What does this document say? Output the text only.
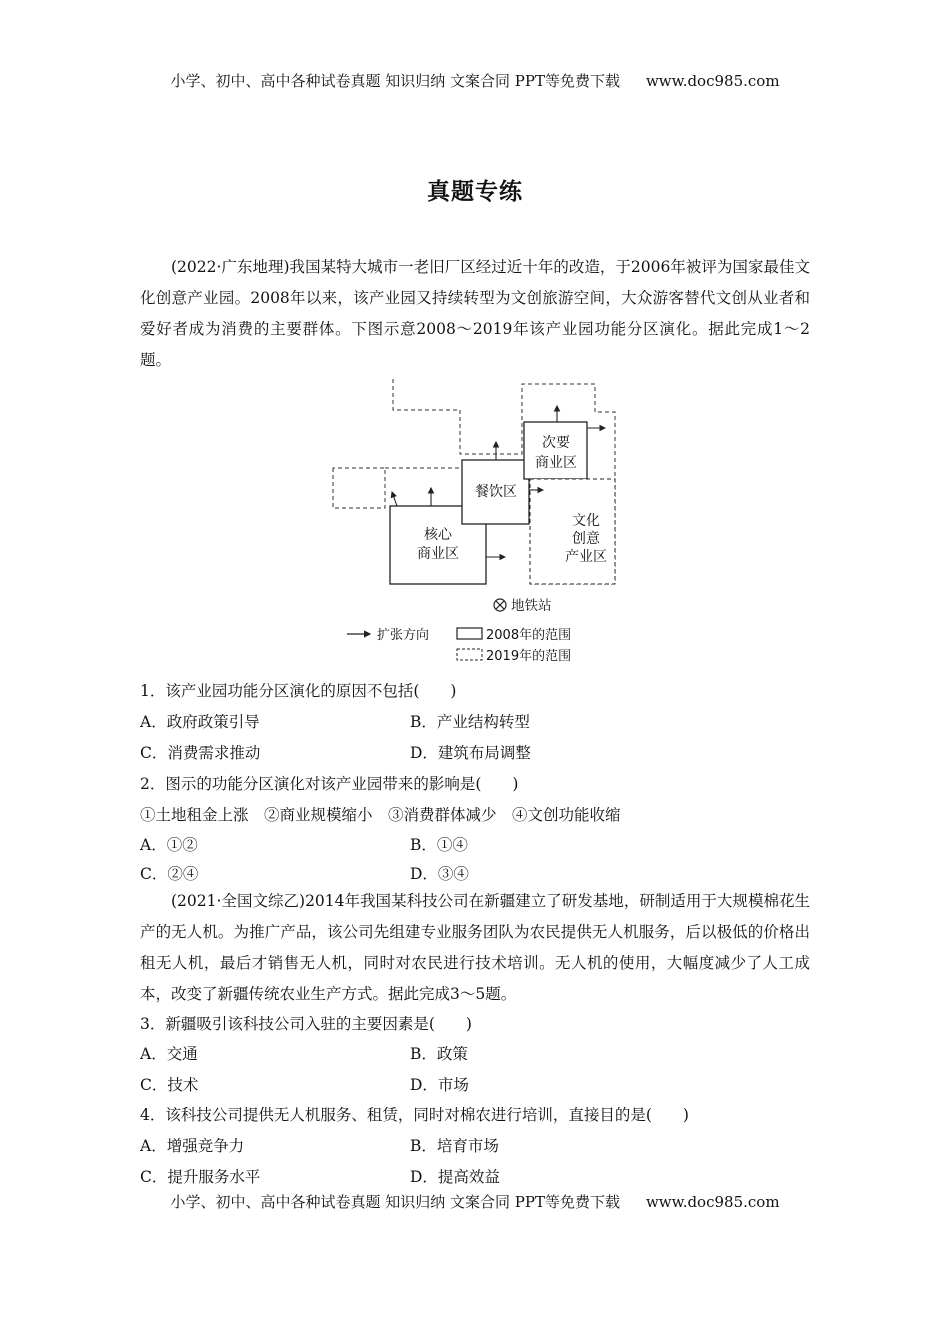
小学、初中、高中各种试卷真题 知识归纳 文案合同 PPT等免费下载 www.doc985.com
真题专练

(2022·广东地理)我国某特大城市一老旧厂区经过近十年的改造，于2006年被评为国家最佳文化创意产业园。2008年以来，该产业园又持续转型为文创旅游空间，大众游客替代文创从业者和爱好者成为消费的主要群体。下图示意2008～2019年该产业园功能分区演化。据此完成1～2题。

核心
商业区
餐饮区
次要
商业区
文化
创意
产业区
地铁站
扩张方向	2008年的范围
2019年的范围
1．该产业园功能分区演化的原因不包括(　　)
A．政府政策引导	B．产业结构转型
C．消费需求推动	D．建筑布局调整
2．图示的功能分区演化对该产业园带来的影响是(　　)
①土地租金上涨　②商业规模缩小　③消费群体减少　④文创功能收缩
A．①②	B．①④
C．②④	D．③④

(2021·全国文综乙)2014年我国某科技公司在新疆建立了研发基地，研制适用于大规模棉花生产的无人机。为推广产品，该公司先组建专业服务团队为农民提供无人机服务，后以极低的价格出租无人机，最后才销售无人机，同时对农民进行技术培训。无人机的使用，大幅度减少了人工成本，改变了新疆传统农业生产方式。据此完成3～5题。

3．新疆吸引该科技公司入驻的主要因素是(　　)
A．交通	B．政策
C．技术	D．市场
4．该科技公司提供无人机服务、租赁，同时对棉农进行培训，直接目的是(　　)
A．增强竞争力	B．培育市场
C．提升服务水平	D．提高效益
小学、初中、高中各种试卷真题 知识归纳 文案合同 PPT等免费下载 www.doc985.com
